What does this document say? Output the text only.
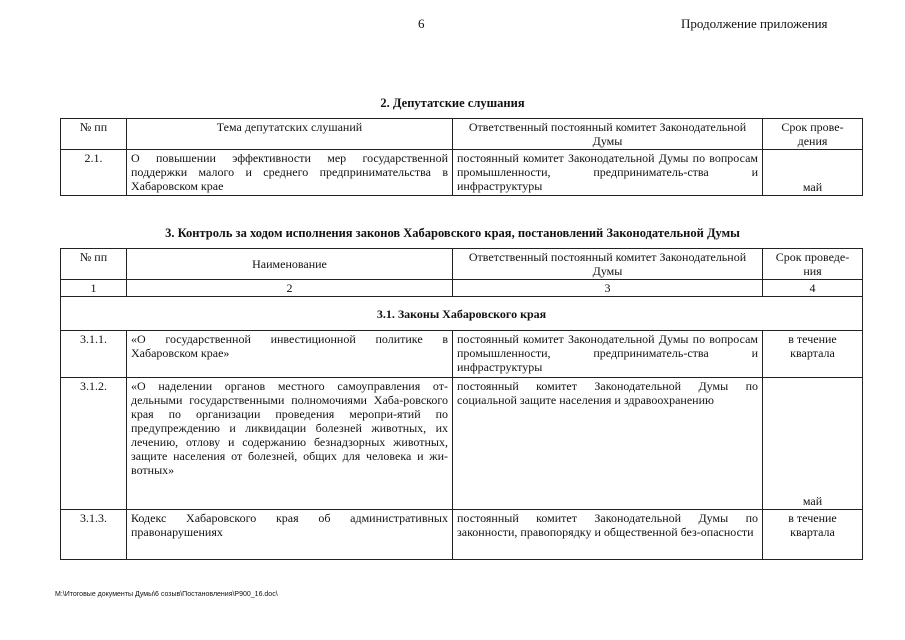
6	Продолжение приложения
2. Депутатские слушания
№ пп	Тема депутатских слушаний	Ответственный постоянный комитет Законодательной Думы	Срок прове-дения
2.1.	О повышении эффективности мер государственной поддержки малого и среднего предпринимательства в Хабаровском крае	постоянный комитет Законодательной Думы по вопросам промышленности, предприниматель-ства и инфраструктуры	май
3. Контроль за ходом исполнения законов Хабаровского края, постановлений Законодательной Думы
№ пп	Наименование	Ответственный постоянный комитет Законодательной Думы	Срок проведе-ния
1	2	3	4
3.1. Законы Хабаровского края			
3.1.1.	«О государственной инвестиционной политике в Хабаровском крае»	постоянный комитет Законодательной Думы по вопросам промышленности, предприниматель-ства и инфраструктуры	в течение квартала
3.1.2.	«О наделении органов местного самоуправления от-дельными государственными полномочиями Хаба-ровского края по организации проведения меропри-ятий по предупреждению и ликвидации болезней животных, их лечению, отлову и содержанию безнадзорных животных, защите населения от болезней, общих для человека и жи-вотных»	постоянный комитет Законодательной Думы по социальной защите населения и здравоохранению	май
3.1.3.	Кодекс Хабаровского края об административных правонарушениях	постоянный комитет Законодательной Думы по законности, правопорядку и общественной без-опасности	в течение квартала
M:\Итоговые документы Думы\6 созыв\Постановления\P900_16.doc\
